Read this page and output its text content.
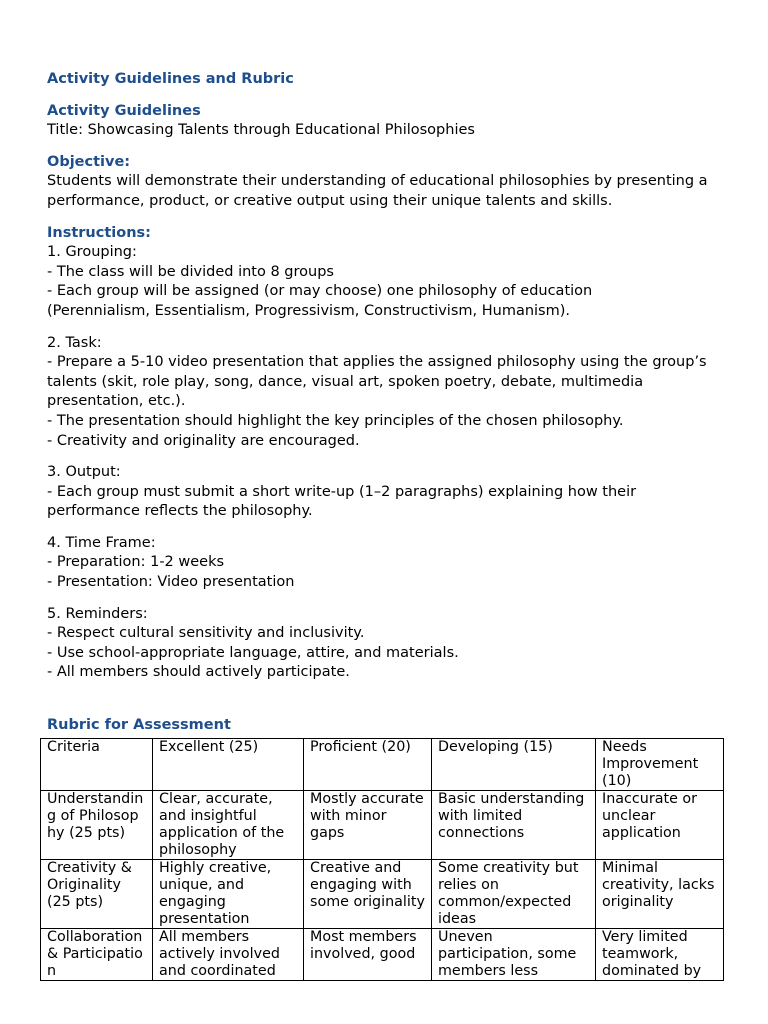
Activity Guidelines and Rubric
Activity Guidelines
Title: Showcasing Talents through Educational Philosophies
Objective:
Students will demonstrate their understanding of educational philosophies by presenting a performance, product, or creative output using their unique talents and skills.
Instructions:
1. Grouping:
- The class will be divided into 8 groups
- Each group will be assigned (or may choose) one philosophy of education (Perennialism, Essentialism, Progressivism, Constructivism, Humanism).
2. Task:
- Prepare a 5-10 video presentation that applies the assigned philosophy using the group’s talents (skit, role play, song, dance, visual art, spoken poetry, debate, multimedia presentation, etc.).
- The presentation should highlight the key principles of the chosen philosophy.
- Creativity and originality are encouraged.
3. Output:
- Each group must submit a short write-up (1–2 paragraphs) explaining how their performance reflects the philosophy.
4. Time Frame:
- Preparation: 1-2 weeks
- Presentation: Video presentation
5. Reminders:
- Respect cultural sensitivity and inclusivity.
- Use school-appropriate language, attire, and materials.
- All members should actively participate.
Rubric for Assessment
Criteria	Excellent (25)	Proficient (20)	Developing (15)	Needs Improvement (10)
Understanding of Philosophy (25 pts)	Clear, accurate, and insightful application of the philosophy	Mostly accurate with minor gaps	Basic understanding with limited connections	Inaccurate or unclear application
Creativity & Originality (25 pts)	Highly creative, unique, and engaging presentation	Creative and engaging with some originality	Some creativity but relies on common/expected ideas	Minimal creativity, lacks originality
Collaboration & Participation	All members actively involved and coordinated	Most members involved, good	Uneven participation, some members less	Very limited teamwork, dominated by
